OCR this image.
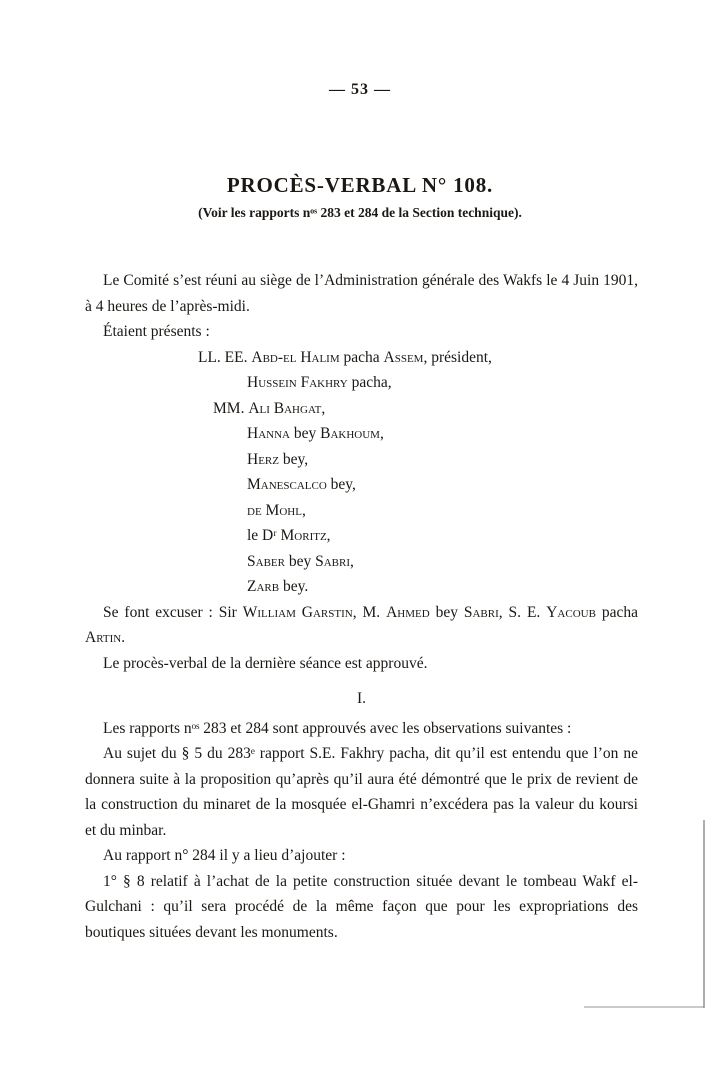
— 53 —
PROCÈS-VERBAL N° 108.
(Voir les rapports nᵒˢ 283 et 284 de la Section technique).

Le Comité s’est réuni au siège de l’Administration générale des Wakfs le 4 Juin 1901, à 4 heures de l’après-midi.

Étaient présents :

LL. EE. Abd-el Halim pacha Assem, président,
Hussein Fakhry pacha,
MM. Ali Bahgat,
Hanna bey Bakhoum,
Herz bey,
Manescalco bey,
de Mohl,
le Dʳ Moritz,
Saber bey Sabri,
Zarb bey.

Se font excuser : Sir William Garstin, M. Ahmed bey Sabri, S. E. Yacoub pacha Artin.

Le procès-verbal de la dernière séance est approuvé.

I.

Les rapports nᵒˢ 283 et 284 sont approuvés avec les observations suivantes :

Au sujet du § 5 du 283ᵉ rapport S.E. Fakhry pacha, dit qu’il est entendu que l’on ne donnera suite à la proposition qu’après qu’il aura été démontré que le prix de revient de la construction du minaret de la mosquée el-Ghamri n’excédera pas la valeur du koursi et du minbar.

Au rapport n° 284 il y a lieu d’ajouter :

1° § 8 relatif à l’achat de la petite construction située devant le tombeau Wakf el-Gulchani : qu’il sera procédé de la même façon que pour les expropriations des boutiques situées devant les monuments.
